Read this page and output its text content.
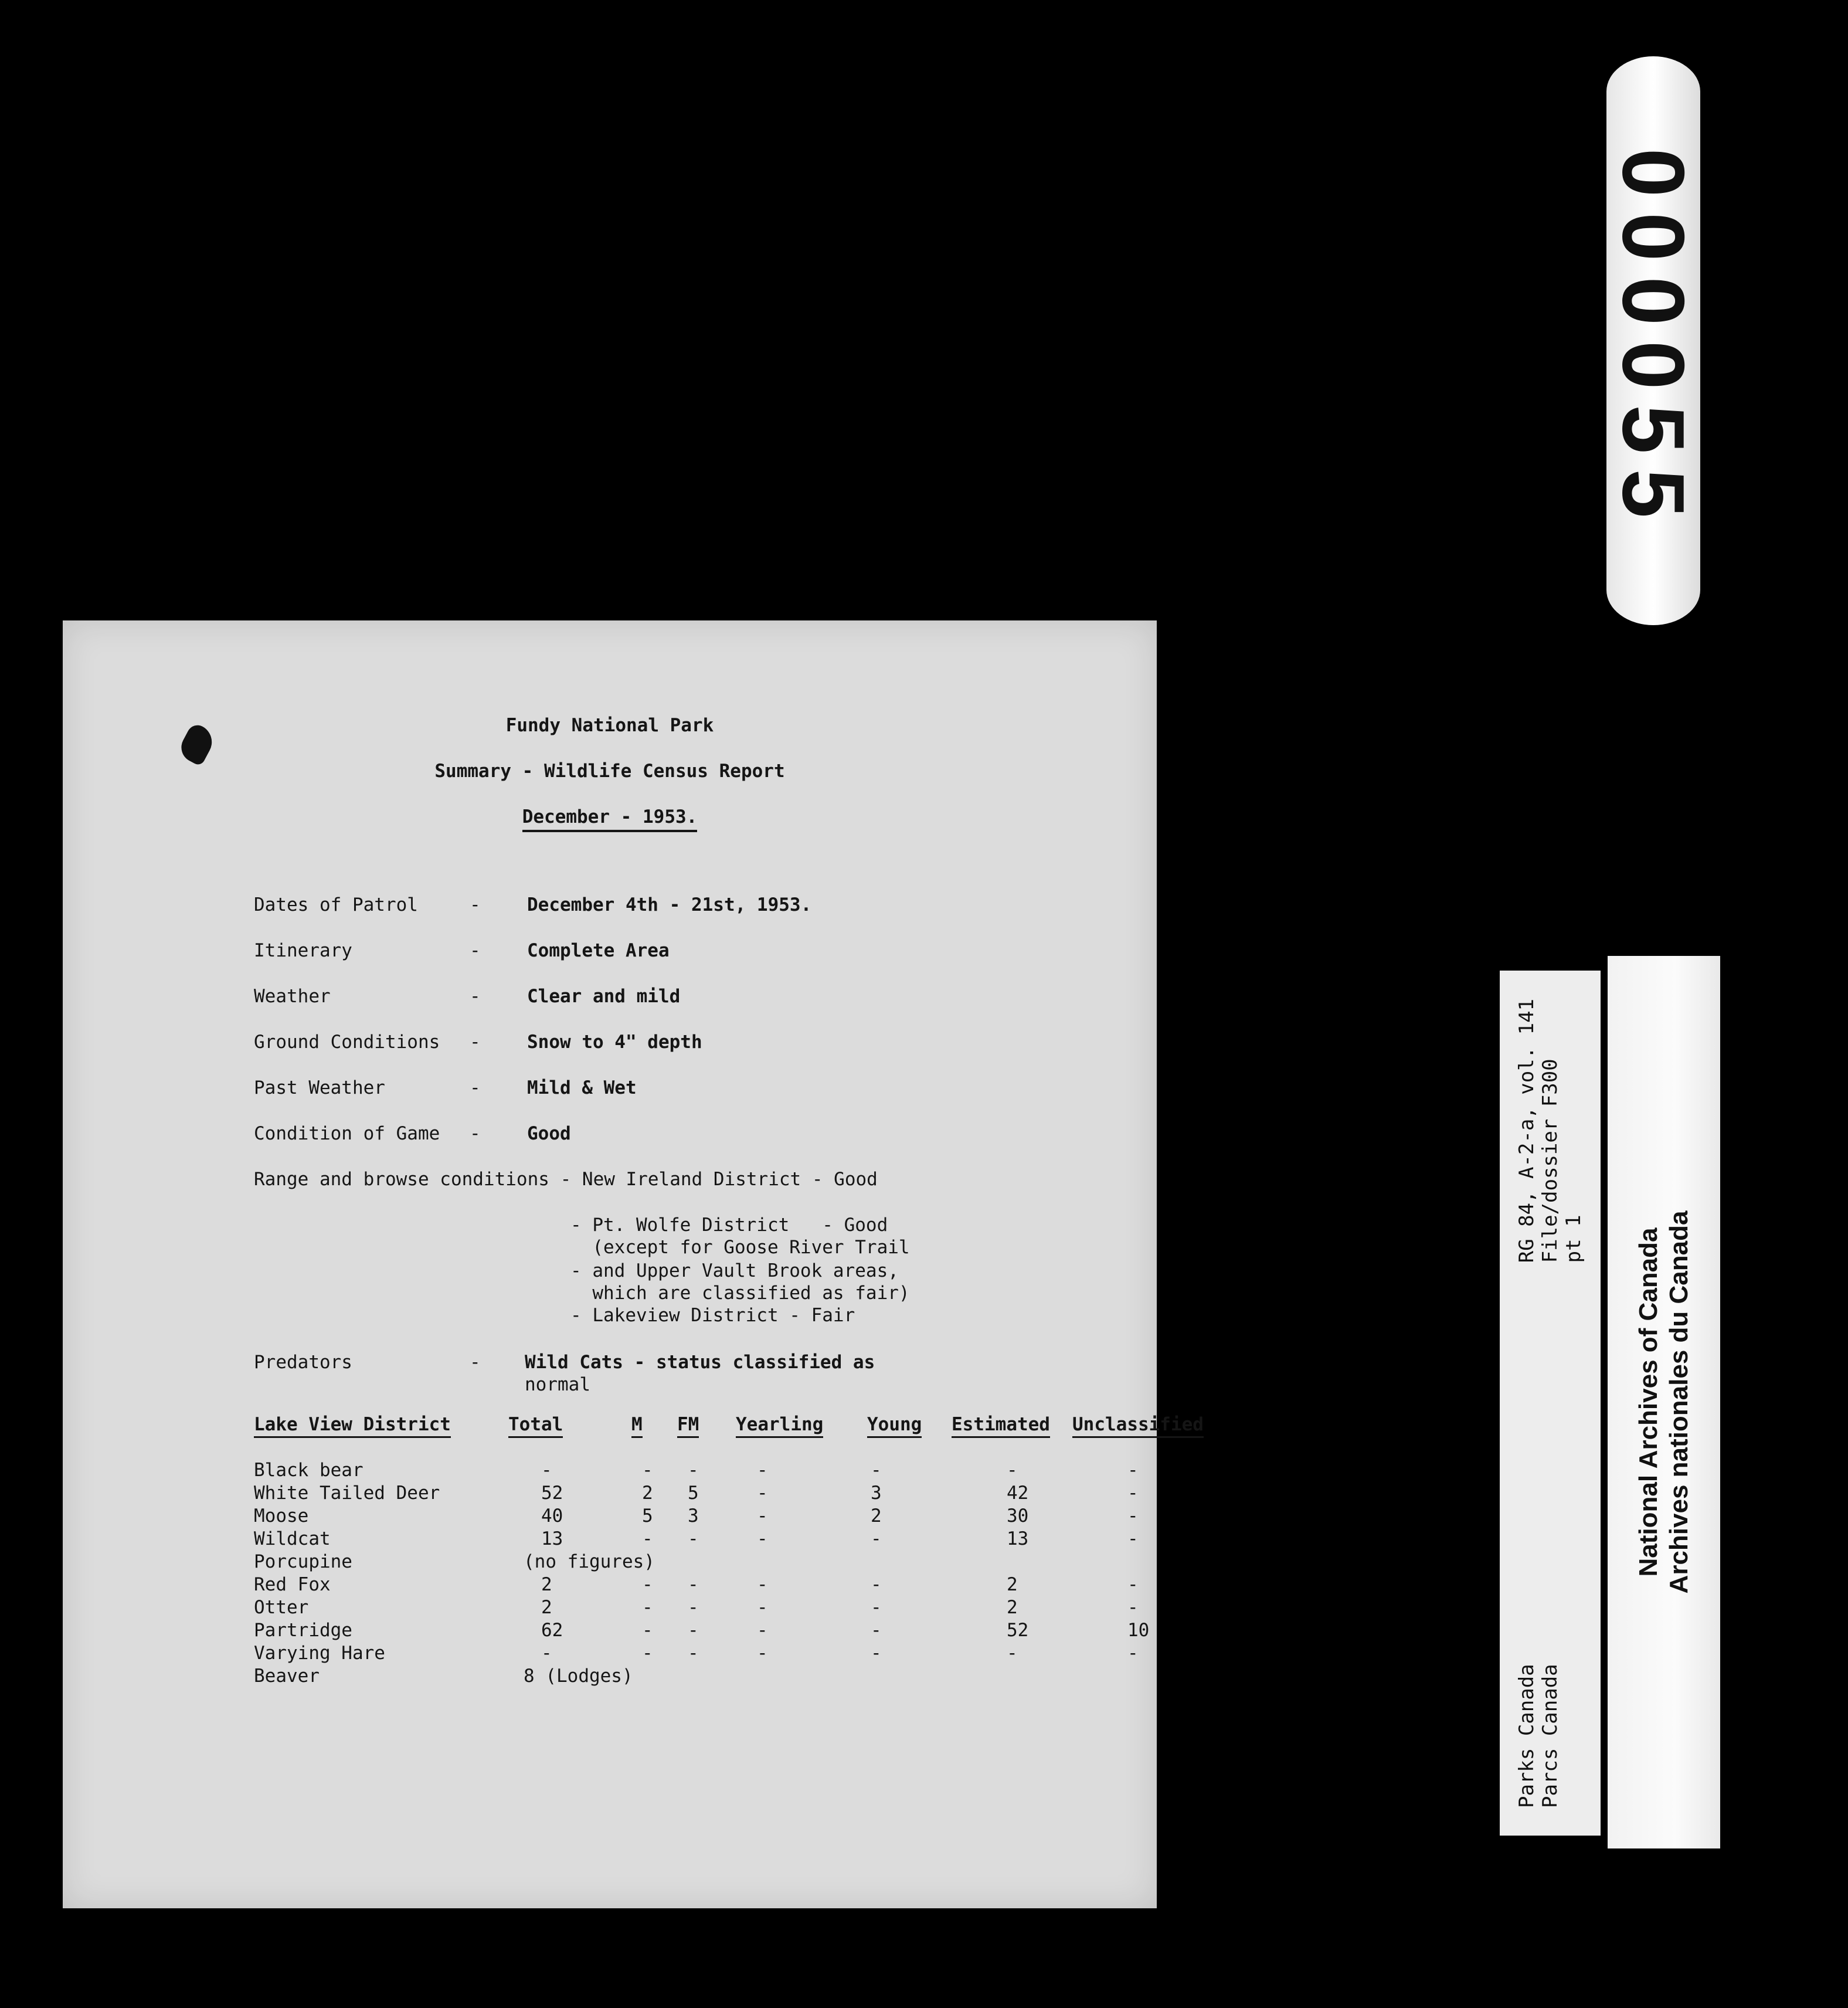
000055
Parks Canada Parcs Canada
RG 84, A-2-a, vol. 141 File/dossier F300 pt 1 National Archives of Canada Archives nationales du Canada
Fundy National Park
Summary - Wildlife Census Report
December - 1953.
Dates of Patrol	-	December 4th - 21st, 1953.
Itinerary	-	Complete Area
Weather	-	Clear and mild
Ground Conditions -	Snow to 4" depth
Past Weather	-	Mild & Wet
Condition of Game -	Good
Range and browse conditions - New Ireland District - Good
- Pt. Wolfe District   - Good
(except for Goose River Trail
- and Upper Vault Brook areas,
which are classified as fair)
- Lakeview District - Fair
Predators	- Wild Cats - status classified as
normal
Lake View District	Total	M FM Yearling Young Estimated Unclassified
Black bear	-	- -	-	-	-	-
White Tailed Deer	52	2 5	-	3	42	-
Moose	40	5 3	-	2	30	-
Wildcat	13	- -	-	-	13	-
Porcupine	(no figures)
Red Fox	2	- -	-	-	2	-
Otter	2	- -	-	-	2	-
Partridge	62	- -	-	-	52	10
Varying Hare	-	- -	-	-	-	-
Beaver	8 (Lodges)
